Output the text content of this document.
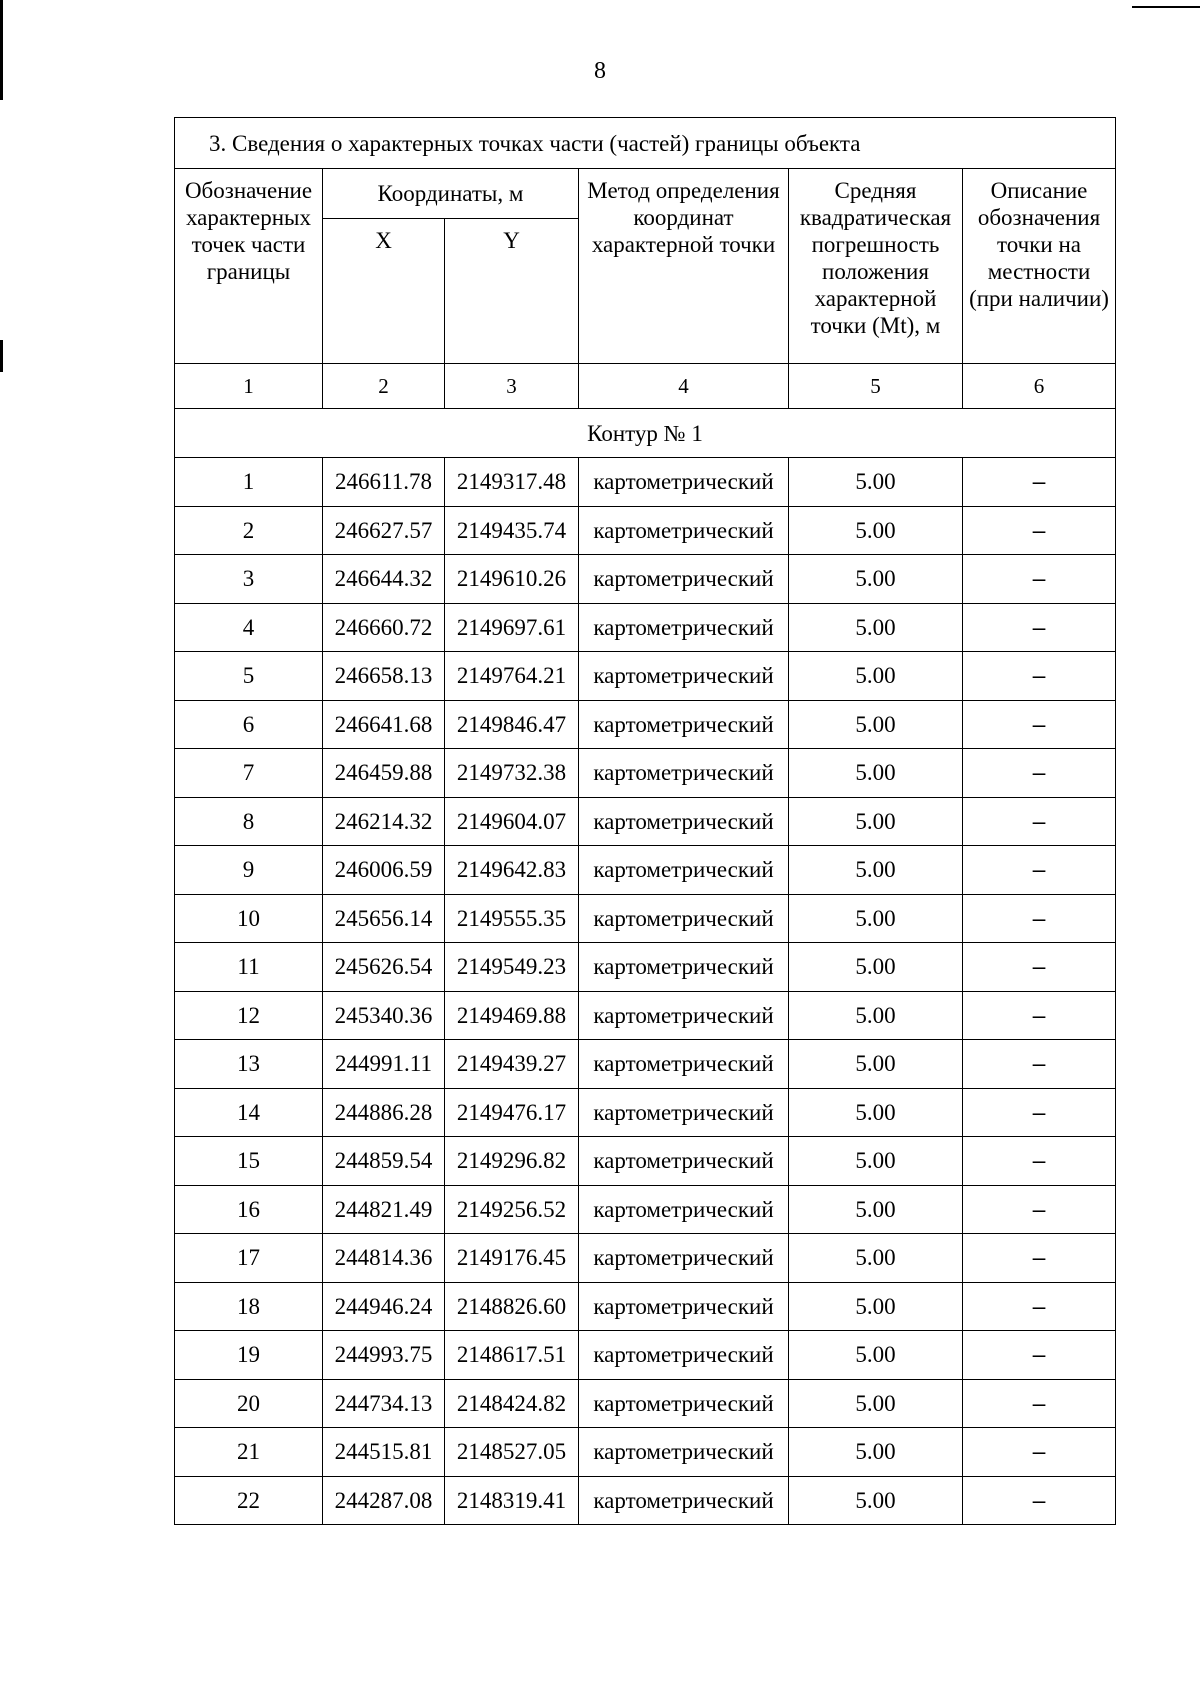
8
3. Сведения о характерных точках части (частей) границы объекта					
Обозначение характерных точек части границы	Координаты, м		Метод определения координат характерной точки	Средняя квадратическая погрешность положения характерной точки (Mt), м	Описание обозначения точки на местности (при наличии)
	X	Y			
1	2	3	4	5	6
Контур № 1					
1	246611.78	2149317.48	картометрический	5.00	–
2	246627.57	2149435.74	картометрический	5.00	–
3	246644.32	2149610.26	картометрический	5.00	–
4	246660.72	2149697.61	картометрический	5.00	–
5	246658.13	2149764.21	картометрический	5.00	–
6	246641.68	2149846.47	картометрический	5.00	–
7	246459.88	2149732.38	картометрический	5.00	–
8	246214.32	2149604.07	картометрический	5.00	–
9	246006.59	2149642.83	картометрический	5.00	–
10	245656.14	2149555.35	картометрический	5.00	–
11	245626.54	2149549.23	картометрический	5.00	–
12	245340.36	2149469.88	картометрический	5.00	–
13	244991.11	2149439.27	картометрический	5.00	–
14	244886.28	2149476.17	картометрический	5.00	–
15	244859.54	2149296.82	картометрический	5.00	–
16	244821.49	2149256.52	картометрический	5.00	–
17	244814.36	2149176.45	картометрический	5.00	–
18	244946.24	2148826.60	картометрический	5.00	–
19	244993.75	2148617.51	картометрический	5.00	–
20	244734.13	2148424.82	картометрический	5.00	–
21	244515.81	2148527.05	картометрический	5.00	–
22	244287.08	2148319.41	картометрический	5.00	–
